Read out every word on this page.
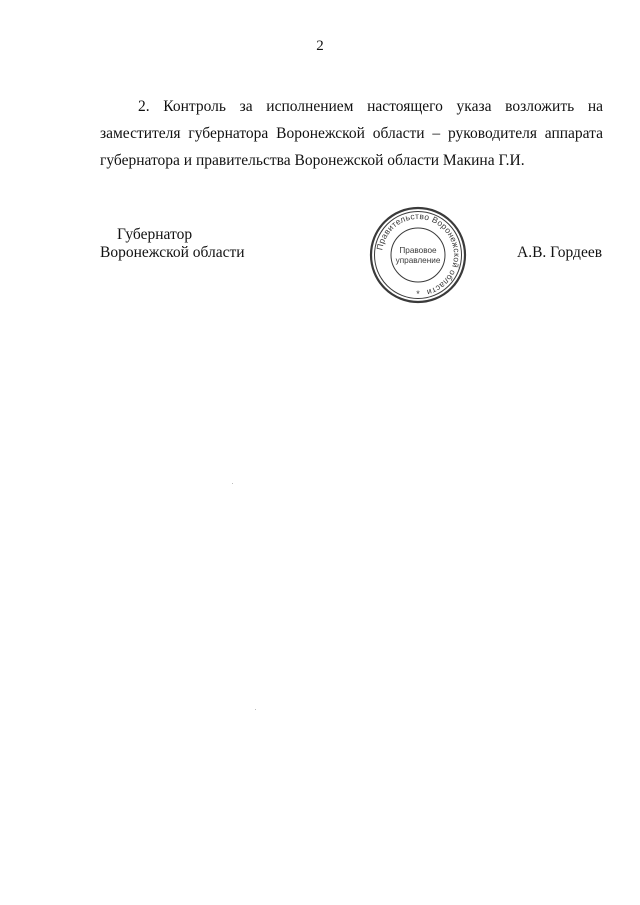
2

2. Контроль за исполнением настоящего указа возложить на заместителя губернатора Воронежской области – руководителя аппарата губернатора и правительства Воронежской области Макина Г.И.

Губернатор
Воронежской области	Правительство Воронежской области
Правовое
управление
*
А.В. Гордеев
